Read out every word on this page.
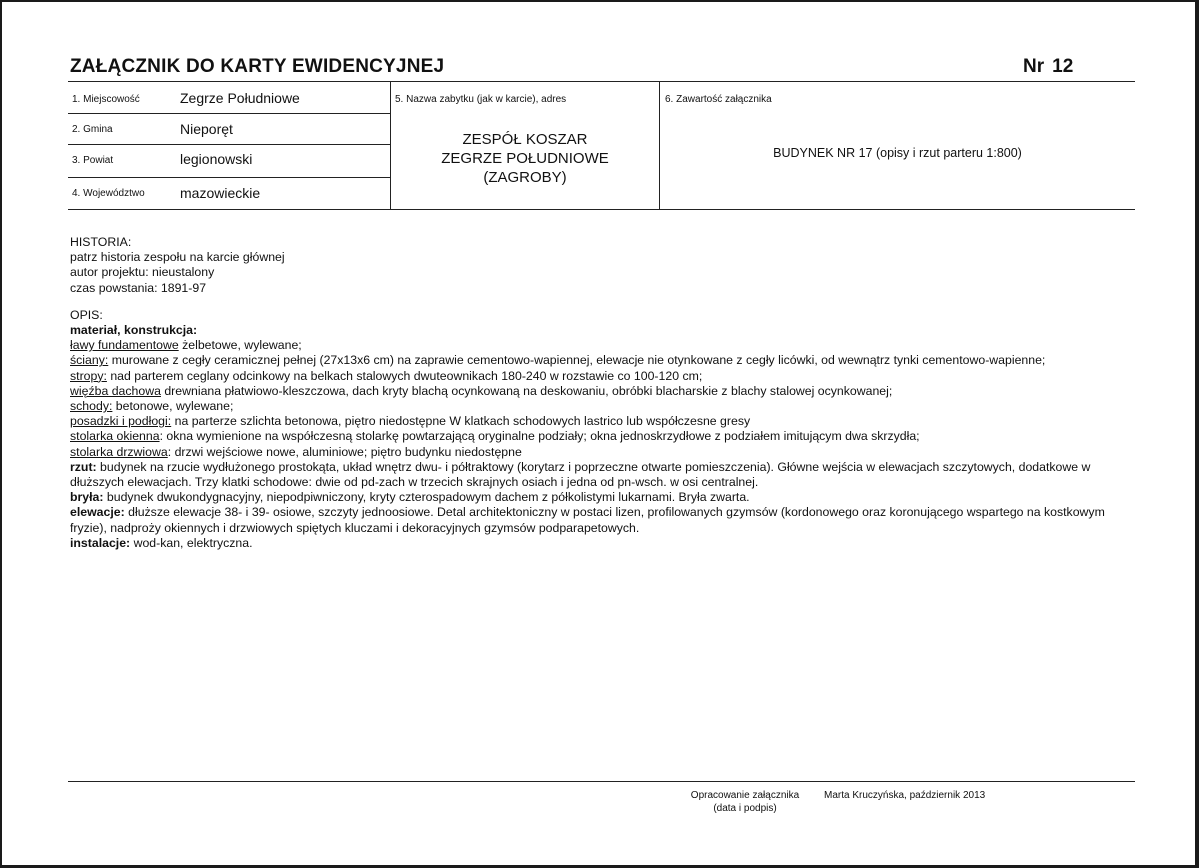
ZAŁĄCZNIK DO KARTY EWIDENCYJNEJ	Nr 12
1. Miejscowość	Zegrze Południowe
2. Gmina	Nieporęt
3. Powiat	legionowski
4. Województwo	mazowieckie
5. Nazwa zabytku (jak w karcie), adres
ZESPÓŁ KOSZAR
ZEGRZE POŁUDNIOWE
(ZAGROBY)
6. Zawartość załącznika
BUDYNEK NR 17 (opisy i rzut parteru 1:800)
HISTORIA:
patrz historia zespołu na karcie głównej
autor projektu: nieustalony
czas powstania: 1891-97
OPIS:
materiał, konstrukcja:
ławy fundamentowe żelbetowe, wylewane;
ściany: murowane z cegły ceramicznej pełnej (27x13x6 cm) na zaprawie cementowo-wapiennej, elewacje nie otynkowane z cegły licówki, od wewnątrz tynki cementowo-wapienne;
stropy: nad parterem ceglany odcinkowy na belkach stalowych dwuteownikach 180-240 w rozstawie co 100-120 cm;
więźba dachowa drewniana płatwiowo-kleszczowa, dach kryty blachą ocynkowaną na deskowaniu, obróbki blacharskie z blachy stalowej ocynkowanej;
schody: betonowe, wylewane;
posadzki i podłogi: na parterze szlichta betonowa, piętro niedostępne W klatkach schodowych lastrico lub współczesne gresy
stolarka okienna: okna wymienione na współczesną stolarkę powtarzającą oryginalne podziały; okna jednoskrzydłowe z podziałem imitującym dwa skrzydła;
stolarka drzwiowa: drzwi wejściowe nowe, aluminiowe; piętro budynku niedostępne
rzut: budynek na rzucie wydłużonego prostokąta, układ wnętrz dwu- i półtraktowy (korytarz i poprzeczne otwarte pomieszczenia). Główne wejścia w elewacjach szczytowych, dodatkowe w dłuższych elewacjach. Trzy klatki schodowe: dwie od pd-zach w trzecich skrajnych osiach i jedna od pn-wsch. w osi centralnej.
bryła: budynek dwukondygnacyjny, niepodpiwniczony, kryty czterospadowym dachem z półkolistymi lukarnami. Bryła zwarta.
elewacje: dłuższe elewacje 38- i 39- osiowe, szczyty jednoosiowe. Detal architektoniczny w postaci lizen, profilowanych gzymsów (kordonowego oraz koronującego wspartego na kostkowym fryzie), nadproży okiennych i drzwiowych spiętych kluczami i dekoracyjnych gzymsów podparapetowych.
instalacje: wod-kan, elektryczna.
Opracowanie załącznika
(data i podpis)
Marta Kruczyńska, październik 2013
